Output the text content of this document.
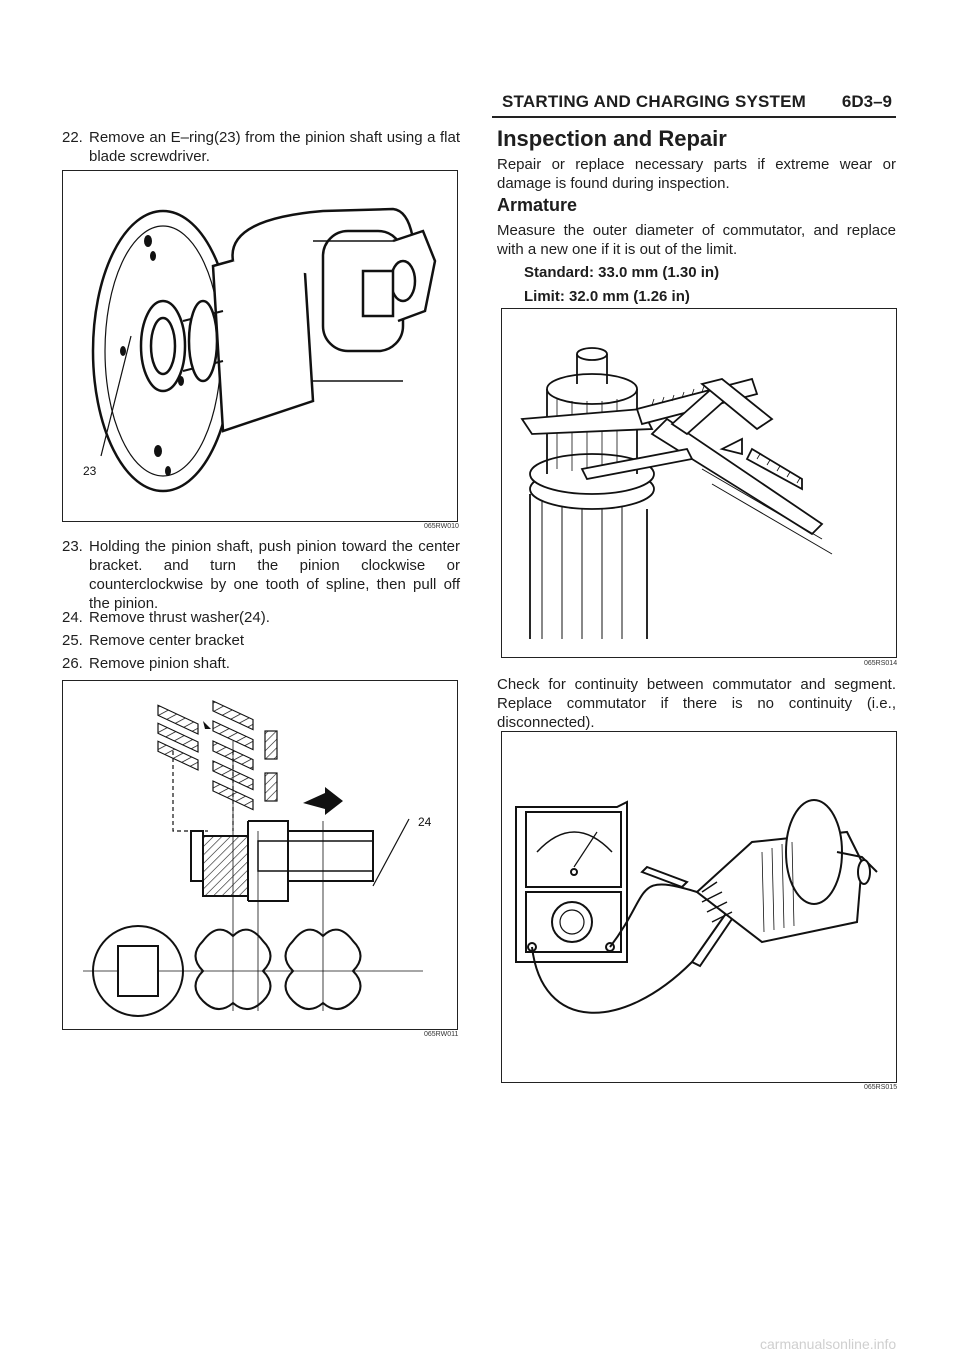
STARTING AND CHARGING SYSTEM 6D3–9
22. Remove an E–ring(23) from the pinion shaft using a flat blade screwdriver.
23
065RW010
23. Holding the pinion shaft, push pinion toward the center bracket. and turn the pinion clockwise or counterclockwise by one tooth of spline, then pull off the pinion.
24. Remove thrust washer(24).
25. Remove center bracket
26. Remove pinion shaft.
24
065RW011
Inspection and Repair
Repair or replace necessary parts if extreme wear or damage is found during inspection.
Armature
Measure the outer diameter of commutator, and replace with a new one if it is out of the limit.
Standard: 33.0 mm (1.30 in)
Limit: 32.0 mm (1.26 in)
065RS014
Check for continuity between commutator and segment. Replace commutator if there is no continuity (i.e., disconnected).
065RS015
carmanualsonline.info
